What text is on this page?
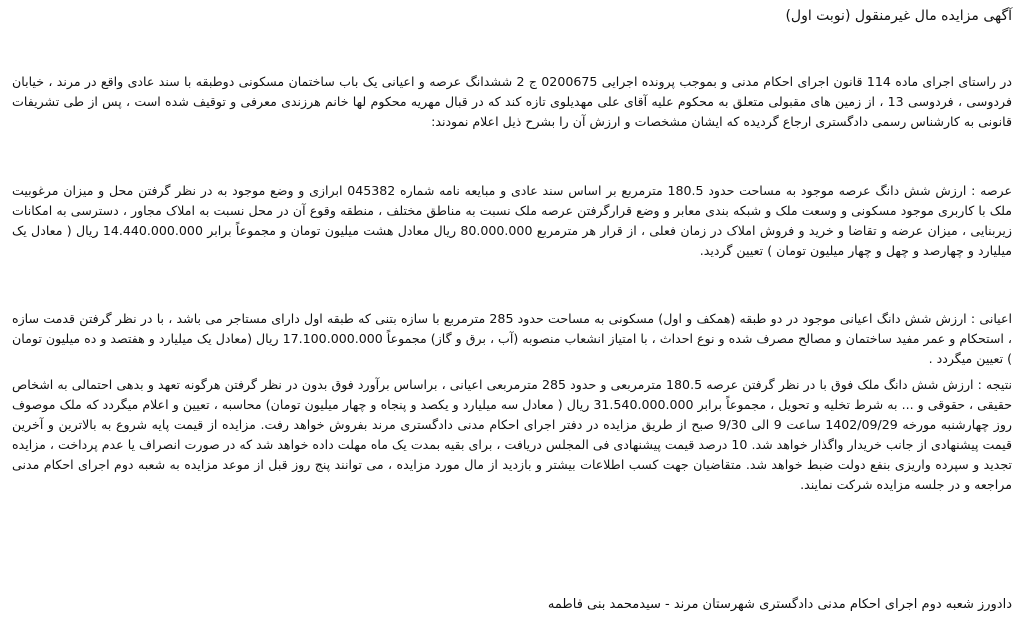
آگهی مزایده مال غیرمنقول (نوبت اول)

در راستای اجرای ماده 114 قانون اجرای احکام مدنی و بموجب پرونده اجرایی 0200675 ج 2 ششدانگ عرصه و اعیانی یک باب ساختمان مسکونی دوطبقه با سند عادی واقع در مرند ، خیابان فردوسی ، فردوسی 13 ، از زمین های مقبولی متعلق به محکوم علیه آقای علی مهدیلوی تازه کند که در قبال مهریه محکوم لها خانم هرزندی معرفی و توقیف شده است ، پس از طی تشریفات قانونی به کارشناس رسمی دادگستری ارجاع گردیده که ایشان مشخصات و ارزش آن را بشرح ذیل اعلام نمودند:

عرصه : ارزش شش دانگ عرصه موجود به مساحت حدود 180.5 مترمربع بر اساس سند عادی و مبایعه نامه شماره 045382 ابرازی و وضع موجود به در نظر گرفتن محل و میزان مرغوبیت ملک با کاربری موجود مسکونی و وسعت ملک و شبکه بندی معابر و وضع قرارگرفتن عرصه ملک نسبت به مناطق مختلف ، منطقه وقوع آن در محل نسبت به املاک مجاور ، دسترسی به امکانات زیربنایی ، میزان عرضه و تقاضا و خرید و فروش املاک در زمان فعلی ، از قرار هر مترمربع 80.000.000 ریال معادل هشت میلیون تومان و مجموعاً برابر 14.440.000.000 ریال ( معادل یک میلیارد و چهارصد و چهل و چهار میلیون تومان ) تعیین گردید.

اعیانی : ارزش شش دانگ اعیانی موجود در دو طبقه (همکف و اول) مسکونی به مساحت حدود 285 مترمربع با سازه بتنی که طبقه اول دارای مستاجر می باشد ، با در نظر گرفتن قدمت سازه ، استحکام و عمر مفید ساختمان و مصالح مصرف شده و نوع احداث ، با امتیاز انشعاب منصوبه (آب ، برق و گاز) مجموعاً 17.100.000.000 ریال (معادل یک میلیارد و هفتصد و ده میلیون تومان ) تعیین میگردد .

نتیجه : ارزش شش دانگ ملک فوق با در نظر گرفتن عرصه 180.5 مترمربعی و حدود 285 مترمربعی اعیانی ، براساس برآورد فوق بدون در نظر گرفتن هرگونه تعهد و بدهی احتمالی به اشخاص حقیقی ، حقوقی و ... به شرط تخلیه و تحویل ، مجموعاً برابر 31.540.000.000 ریال ( معادل سه میلیارد و یکصد و پنجاه و چهار میلیون تومان) محاسبه ، تعیین و اعلام میگردد که ملک موصوف روز چهارشنبه مورخه 1402/09/29 ساعت 9 الی 9/30 صبح از طریق مزایده در دفتر اجرای احکام مدنی دادگستری مرند بفروش خواهد رفت. مزایده از قیمت پایه شروع به بالاترین و آخرین قیمت پیشنهادی از جانب خریدار واگذار خواهد شد. 10 درصد قیمت پیشنهادی فی المجلس دریافت ، برای بقیه بمدت یک ماه مهلت داده خواهد شد که در صورت انصراف یا عدم پرداخت ، مزایده تجدید و سپرده واریزی بنفع دولت ضبط خواهد شد. متقاضیان جهت کسب اطلاعات بیشتر و بازدید از مال مورد مزایده ، می توانند پنج روز قبل از موعد مزایده به شعبه دوم اجرای احکام مدنی مراجعه و در جلسه مزایده شرکت نمایند.

دادورز شعبه دوم اجرای احکام مدنی دادگستری شهرستان مرند - سیدمحمد بنی فاطمه
